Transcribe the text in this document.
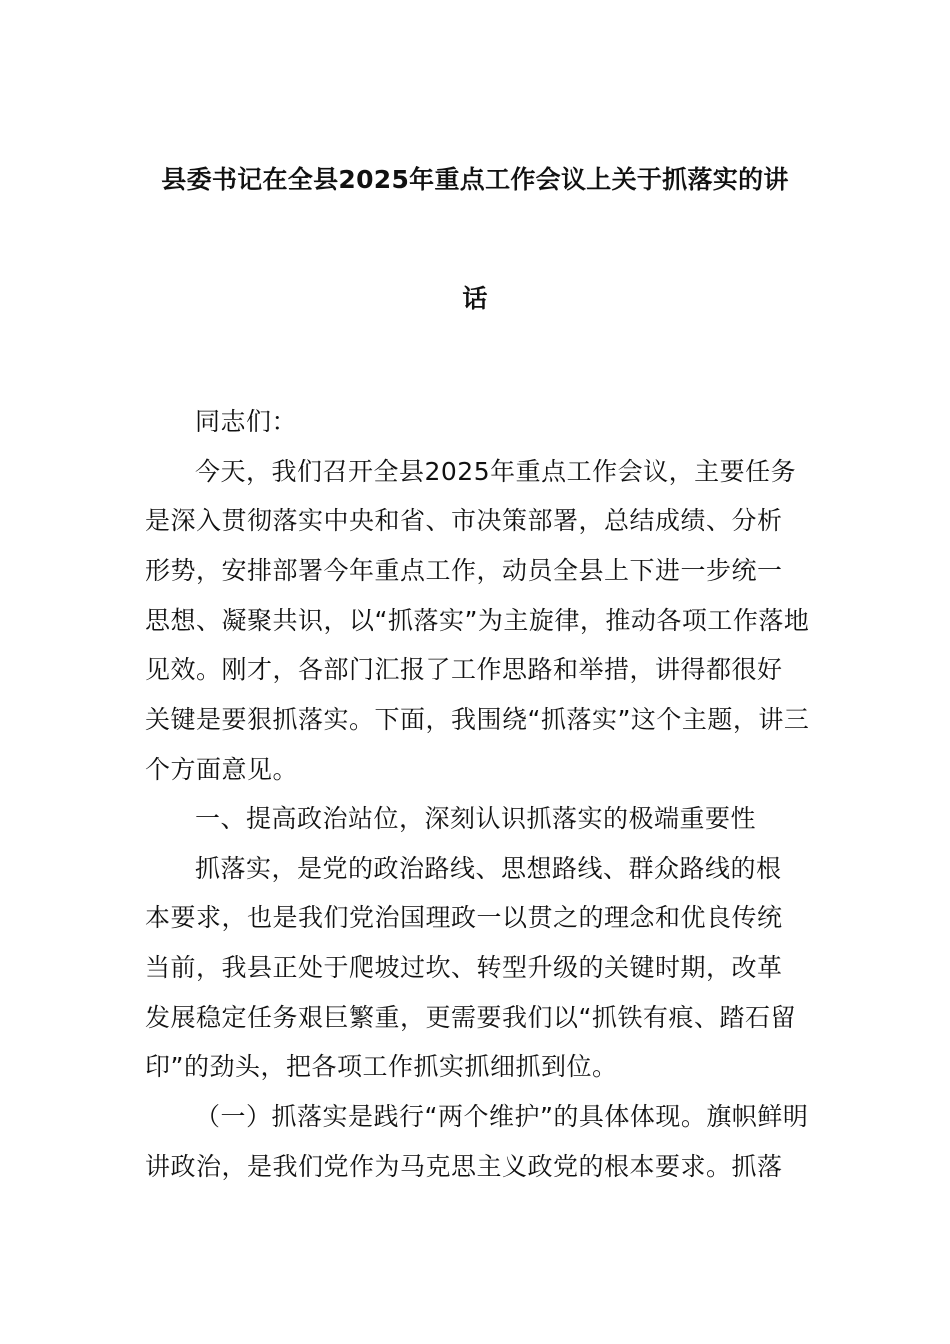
县委书记在全县2025年重点工作会议上关于抓落实的讲
话
同志们：
今天，我们召开全县2025年重点工作会议，主要任务
是深入贯彻落实中央和省、市决策部署，总结成绩、分析
形势，安排部署今年重点工作，动员全县上下进一步统一
思想、凝聚共识，以“抓落实”为主旋律，推动各项工作落地
见效。刚才，各部门汇报了工作思路和举措，讲得都很好
关键是要狠抓落实。下面，我围绕“抓落实”这个主题，讲三
个方面意见。
一、提高政治站位，深刻认识抓落实的极端重要性
抓落实，是党的政治路线、思想路线、群众路线的根
本要求，也是我们党治国理政一以贯之的理念和优良传统
当前，我县正处于爬坡过坎、转型升级的关键时期，改革
发展稳定任务艰巨繁重，更需要我们以“抓铁有痕、踏石留
印”的劲头，把各项工作抓实抓细抓到位。
（一）抓落实是践行“两个维护”的具体体现。旗帜鲜明
讲政治，是我们党作为马克思主义政党的根本要求。抓落
